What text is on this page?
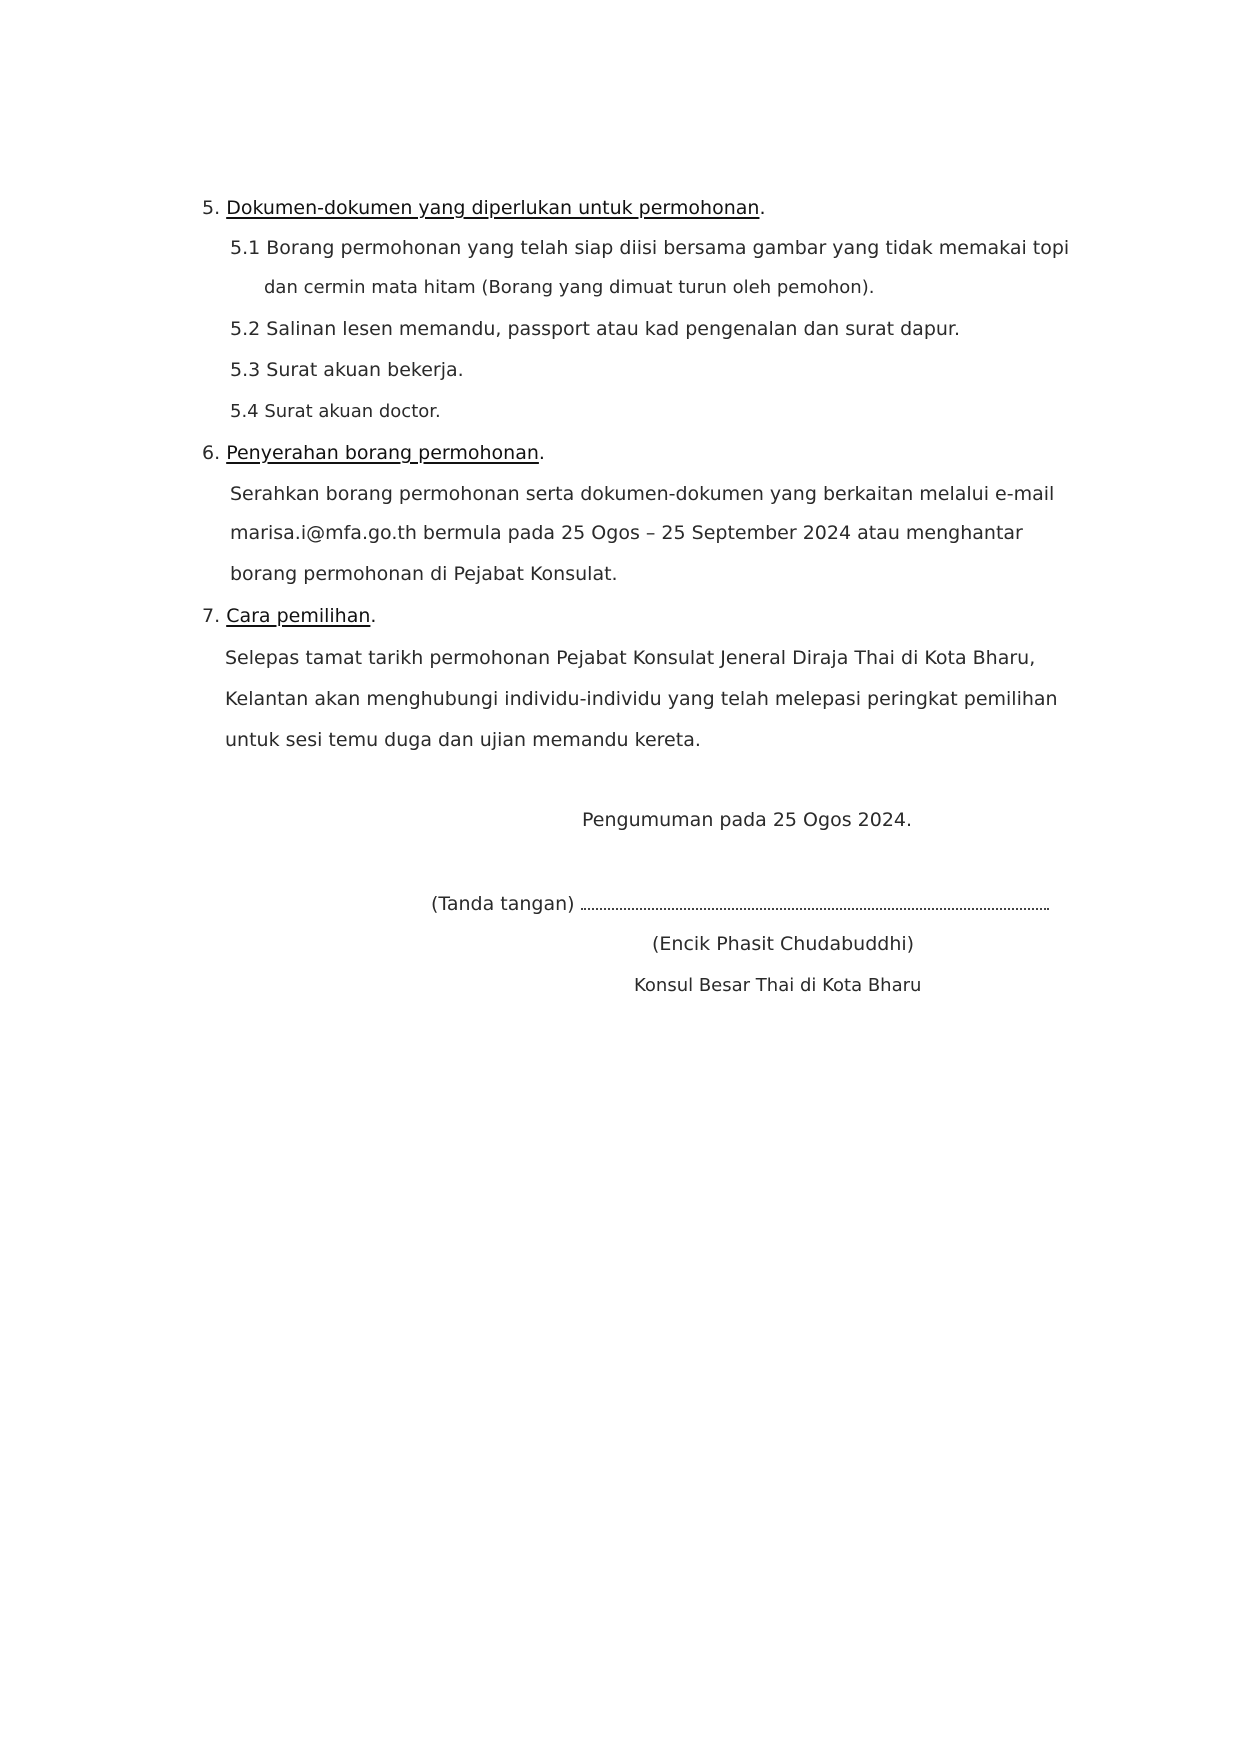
5. Dokumen-dokumen yang diperlukan untuk permohonan.
5.1 Borang permohonan yang telah siap diisi bersama gambar yang tidak memakai topi
dan cermin mata hitam (Borang yang dimuat turun oleh pemohon).
5.2 Salinan lesen memandu, passport atau kad pengenalan dan surat dapur.
5.3 Surat akuan bekerja.
5.4 Surat akuan doctor.
6. Penyerahan borang permohonan.
Serahkan borang permohonan serta dokumen-dokumen yang berkaitan melalui e-mail
marisa.i@mfa.go.th bermula pada 25 Ogos – 25 September 2024 atau menghantar
borang permohonan di Pejabat Konsulat.
7. Cara pemilihan.
Selepas tamat tarikh permohonan Pejabat Konsulat Jeneral Diraja Thai di Kota Bharu,
Kelantan akan menghubungi individu-individu yang telah melepasi peringkat pemilihan
untuk sesi temu duga dan ujian memandu kereta.
Pengumuman pada 25 Ogos 2024.
(Tanda tangan)
(Encik Phasit Chudabuddhi)
Konsul Besar Thai di Kota Bharu
